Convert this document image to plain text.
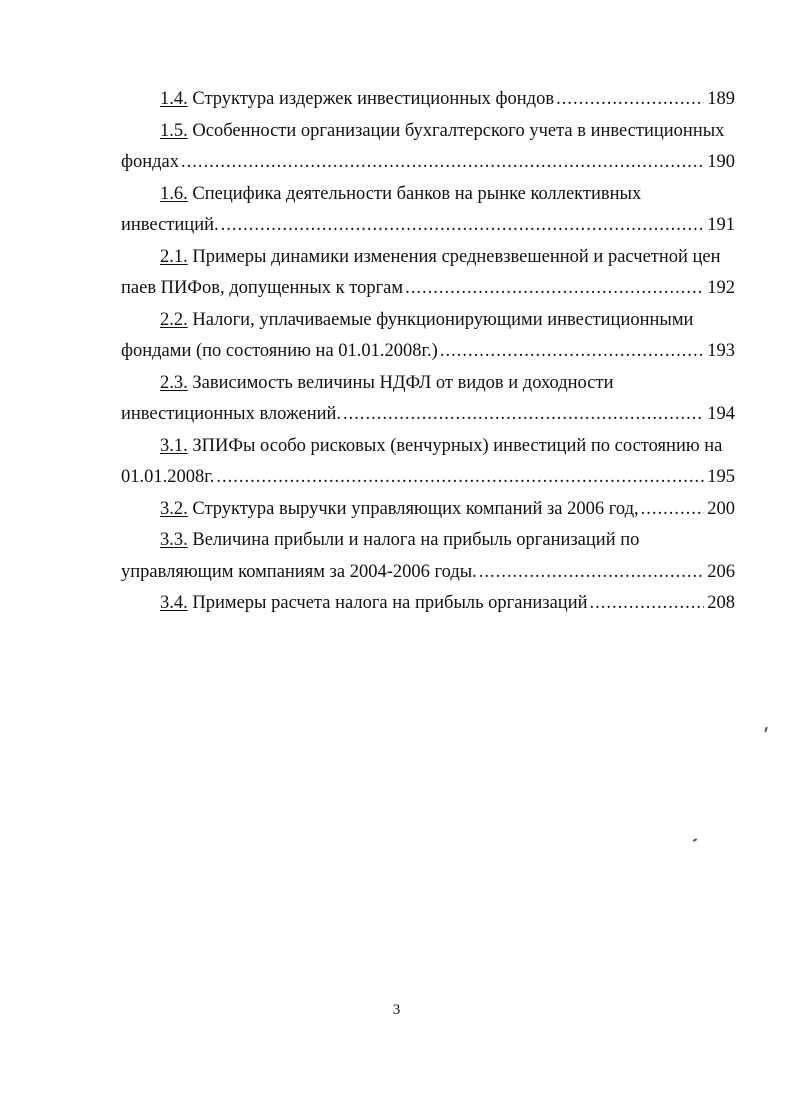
1.4.
Структура издержек инвестиционных фондов .....	189
1.5.
Особенности организации бухгалтерского учета в инвестиционных
фондах .....	190
1.6.
Специфика деятельности банков на рынке коллективных
инвестиций. .....	191
2.1.
Примеры динамики изменения средневзвешенной и расчетной цен
паев ПИФов, допущенных к торгам .....	192
2.2.
Налоги, уплачиваемые функционирующими инвестиционными
фондами (по состоянию на 01.01.2008г.) .....	193
2.3.
Зависимость величины НДФЛ от видов и доходности
инвестиционных вложений. .....	194
3.1.
ЗПИФы особо рисковых (венчурных) инвестиций по состоянию на
01.01.2008г. .....	195
3.2.
Структура выручки управляющих компаний за 2006 год, .....	200
3.3.
Величина прибыли и налога на прибыль организаций по
управляющим компаниям за 2004-2006 годы. .....	206
3.4.
Примеры расчета налога на прибыль организаций .....	208
3
